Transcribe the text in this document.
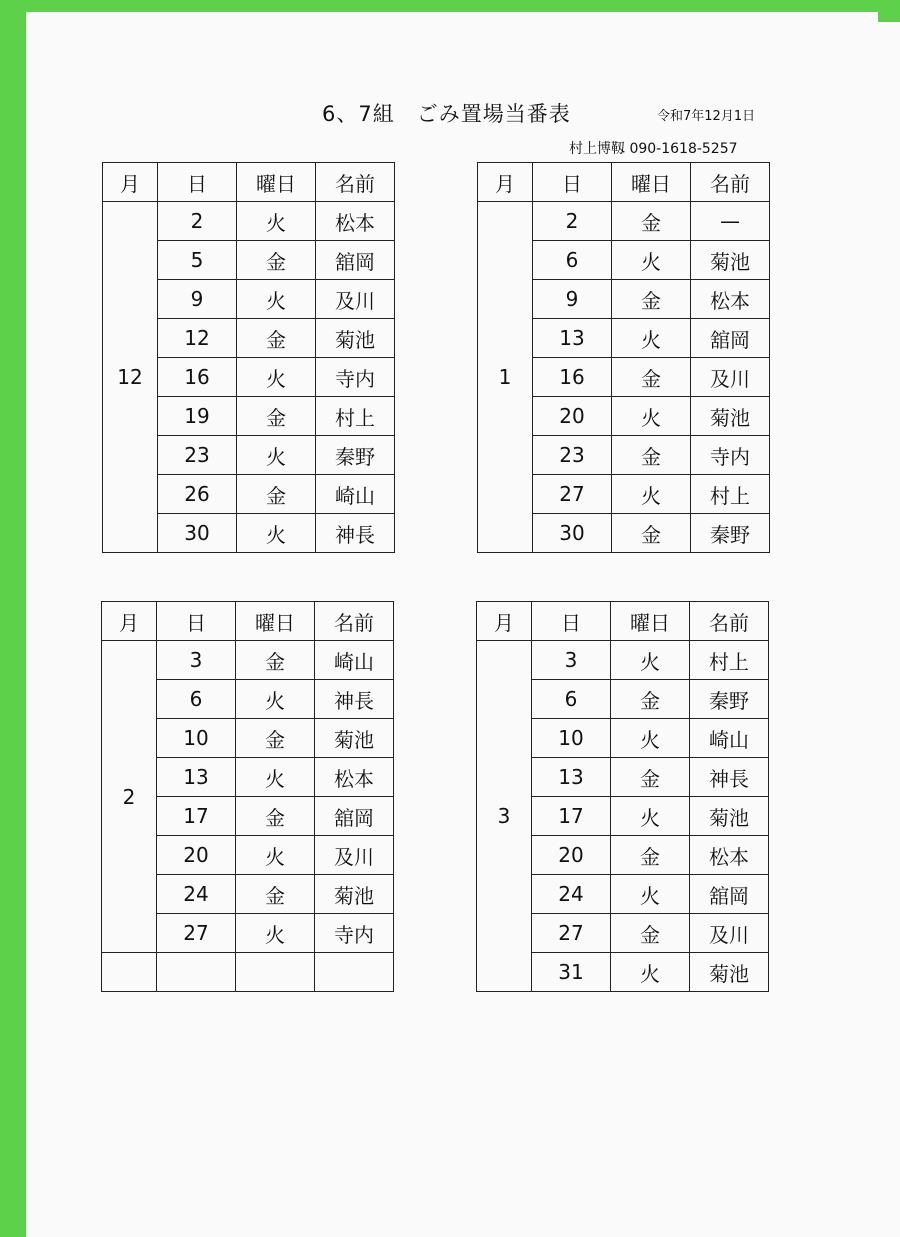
6、7組　ごみ置場当番表	令和7年12月1日
村上博靱 090-1618-5257
月	日	曜日	名前
12	2	火	松本
	5	金	舘岡
	9	火	及川
	12	金	菊池
	16	火	寺内
	19	金	村上
	23	火	秦野
	26	金	崎山
	30	火	神長
月	日	曜日	名前
1	2	金	—
	6	火	菊池
	9	金	松本
	13	火	舘岡
	16	金	及川
	20	火	菊池
	23	金	寺内
	27	火	村上
	30	金	秦野
月	日	曜日	名前
2	3	金	崎山
	6	火	神長
	10	金	菊池
	13	火	松本
	17	金	舘岡
	20	火	及川
	24	金	菊池
	27	火	寺内

月	日	曜日	名前
3	3	火	村上
	6	金	秦野
	10	火	崎山
	13	金	神長
	17	火	菊池
	20	金	松本
	24	火	舘岡
	27	金	及川
	31	火	菊池
